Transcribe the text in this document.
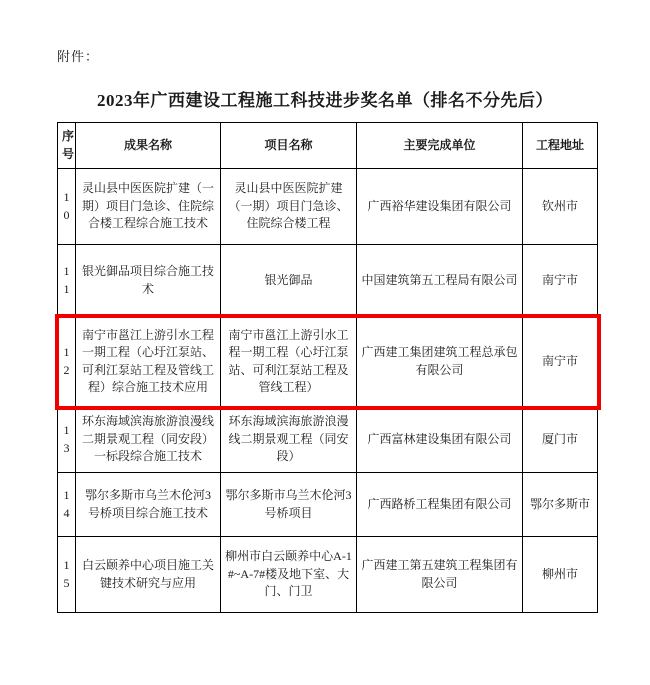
附件：
2023年广西建设工程施工科技进步奖名单（排名不分先后）
序号	成果名称	项目名称	主要完成单位	工程地址
10	灵山县中医医院扩建（一期）项目门急诊、住院综合楼工程综合施工技术	灵山县中医医院扩建（一期）项目门急诊、住院综合楼工程	广西裕华建设集团有限公司	钦州市
11	银光御品项目综合施工技术	银光御品	中国建筑第五工程局有限公司	南宁市
12	南宁市邕江上游引水工程一期工程（心圩江泵站、可利江泵站工程及管线工程）综合施工技术应用	南宁市邕江上游引水工程一期工程（心圩江泵站、可利江泵站工程及管线工程）	广西建工集团建筑工程总承包有限公司	南宁市
13	环东海域滨海旅游浪漫线二期景观工程（同安段）一标段综合施工技术	环东海域滨海旅游浪漫线二期景观工程（同安段）	广西富林建设集团有限公司	厦门市
14	鄂尔多斯市乌兰木伦河3号桥项目综合施工技术	鄂尔多斯市乌兰木伦河3号桥项目	广西路桥工程集团有限公司	鄂尔多斯市
15	白云颐养中心项目施工关键技术研究与应用	柳州市白云颐养中心A-1#~A-7#楼及地下室、大门、门卫	广西建工第五建筑工程集团有限公司	柳州市
